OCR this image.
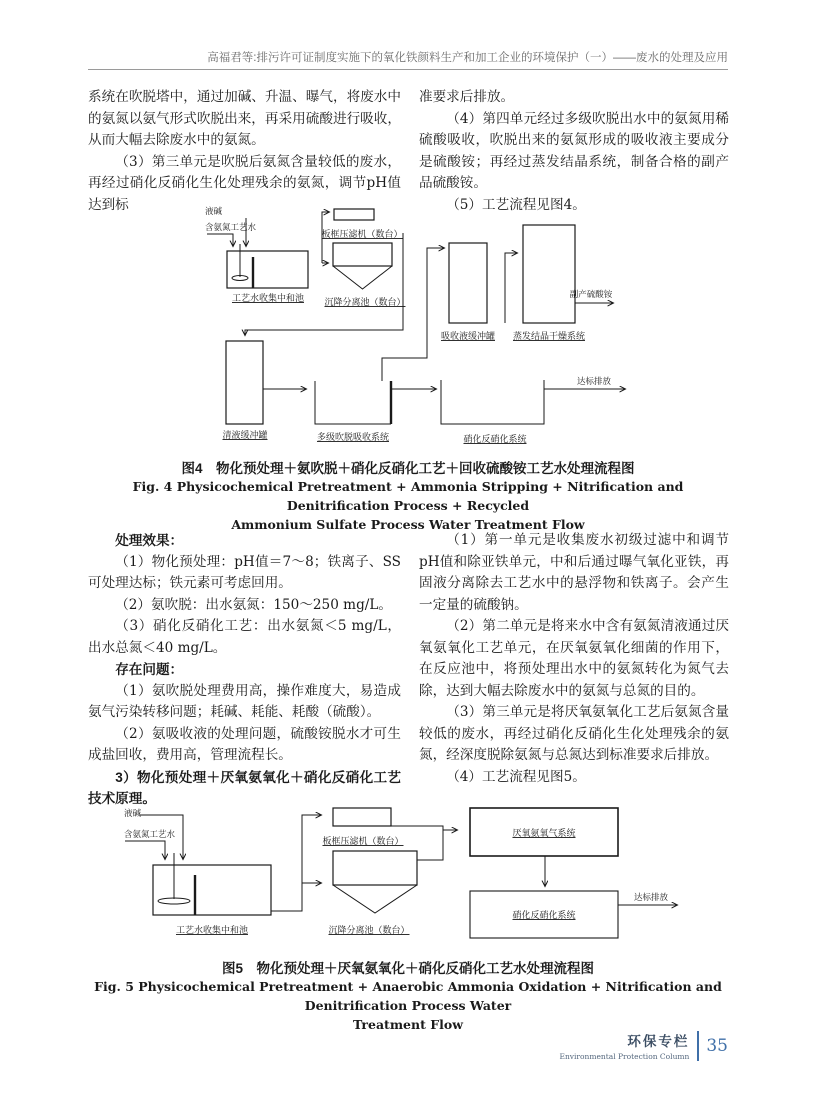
高福君等:排污许可证制度实施下的氧化铁颜料生产和加工企业的环境保护（一）——废水的处理及应用

系统在吹脱塔中，通过加碱、升温、曝气，将废水中的氨氮以氨气形式吹脱出来，再采用硫酸进行吸收，从而大幅去除废水中的氨氮。

（3）第三单元是吹脱后氨氮含量较低的废水，再经过硝化反硝化生化处理残余的氨氮，调节pH值达到标

准要求后排放。

（4）第四单元经过多级吹脱出水中的氨氮用稀硫酸吸收，吹脱出来的氨氮形成的吸收液主要成分是硫酸铵；再经过蒸发结晶系统，制备合格的副产品硫酸铵。

（5）工艺流程见图4。

液碱
含氨氮工艺水
工艺水收集中和池
板框压滤机（数台）
沉降分离池（数台）
清液缓冲罐	多级吹脱吸收系统
吸收液缓冲罐 蒸发结晶干燥系统
副产硫酸铵
硝化反硝化系统
达标排放
图4　物化预处理＋氨吹脱＋硝化反硝化工艺＋回收硫酸铵工艺水处理流程图
Fig. 4 Physicochemical Pretreatment + Ammonia Stripping + Nitrification and Denitrification Process + Recycled
Ammonium Sulfate Process Water Treatment Flow

处理效果：

（1）物化预处理：pH值＝7～8；铁离子、SS可处理达标；铁元素可考虑回用。

（2）氨吹脱：出水氨氮：150～250 mg/L。

（3）硝化反硝化工艺：出水氨氮＜5 mg/L，出水总氮＜40 mg/L。

存在问题：

（1）氨吹脱处理费用高，操作难度大，易造成氨气污染转移问题；耗碱、耗能、耗酸（硫酸）。

（2）氨吸收液的处理问题，硫酸铵脱水才可生成盐回收，费用高，管理流程长。

3）物化预处理＋厌氧氨氧化＋硝化反硝化工艺技术原理。

（1）第一单元是收集废水初级过滤中和调节pH值和除亚铁单元，中和后通过曝气氧化亚铁，再固液分离除去工艺水中的悬浮物和铁离子。会产生一定量的硫酸钠。

（2）第二单元是将来水中含有氨氮清液通过厌氧氨氧化工艺单元，在厌氧氨氧化细菌的作用下，在反应池中，将预处理出水中的氨氮转化为氮气去除，达到大幅去除废水中的氨氮与总氮的目的。

（3）第三单元是将厌氧氨氧化工艺后氨氮含量较低的废水，再经过硝化反硝化生化处理残余的氨氮，经深度脱除氨氮与总氮达到标准要求后排放。

（4）工艺流程见图5。

液碱
含氨氮工艺水
工艺水收集中和池
板框压滤机（数台）
沉降分离池（数台）
厌氧氨氧气系统
硝化反硝化系统
达标排放
图5　物化预处理＋厌氧氨氧化＋硝化反硝化工艺水处理流程图
Fig. 5 Physicochemical Pretreatment + Anaerobic Ammonia Oxidation + Nitrification and Denitrification Process Water
Treatment Flow
环保专栏
Environmental Protection Column
35
